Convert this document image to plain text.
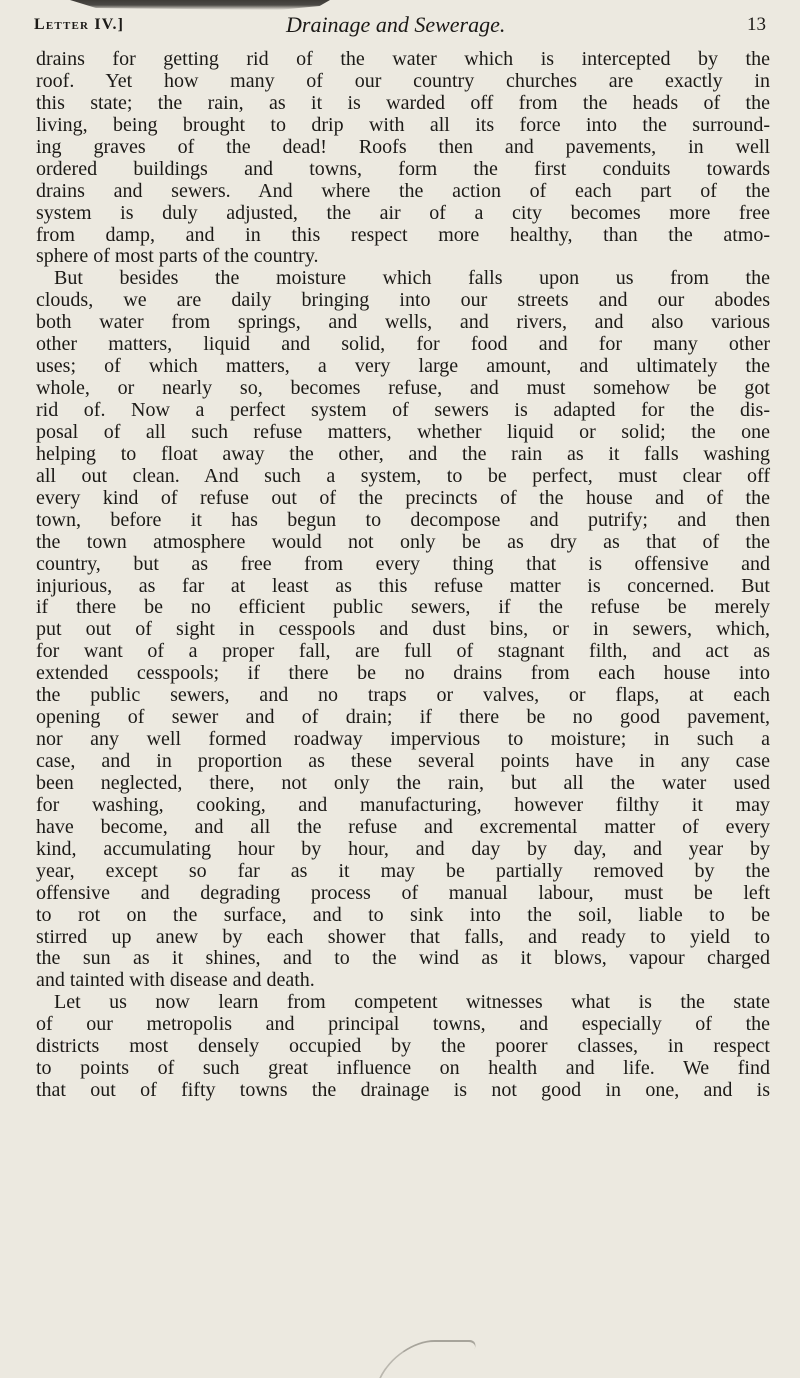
Letter IV.]	Drainage and Sewerage.	13
drains for getting rid of the water which is intercepted by the
roof. Yet how many of our country churches are exactly in
this state; the rain, as it is warded off from the heads of the
living, being brought to drip with all its force into the surround-
ing graves of the dead! Roofs then and pavements, in well
ordered buildings and towns, form the first conduits towards
drains and sewers. And where the action of each part of the
system is duly adjusted, the air of a city becomes more free
from damp, and in this respect more healthy, than the atmo-
sphere of most parts of the country.
But besides the moisture which falls upon us from the
clouds, we are daily bringing into our streets and our abodes
both water from springs, and wells, and rivers, and also various
other matters, liquid and solid, for food and for many other
uses; of which matters, a very large amount, and ultimately the
whole, or nearly so, becomes refuse, and must somehow be got
rid of. Now a perfect system of sewers is adapted for the dis-
posal of all such refuse matters, whether liquid or solid; the one
helping to float away the other, and the rain as it falls washing
all out clean. And such a system, to be perfect, must clear off
every kind of refuse out of the precincts of the house and of the
town, before it has begun to decompose and putrify; and then
the town atmosphere would not only be as dry as that of the
country, but as free from every thing that is offensive and
injurious, as far at least as this refuse matter is concerned. But
if there be no efficient public sewers, if the refuse be merely
put out of sight in cesspools and dust bins, or in sewers, which,
for want of a proper fall, are full of stagnant filth, and act as
extended cesspools; if there be no drains from each house into
the public sewers, and no traps or valves, or flaps, at each
opening of sewer and of drain; if there be no good pavement,
nor any well formed roadway impervious to moisture; in such a
case, and in proportion as these several points have in any case
been neglected, there, not only the rain, but all the water used
for washing, cooking, and manufacturing, however filthy it may
have become, and all the refuse and excremental matter of every
kind, accumulating hour by hour, and day by day, and year by
year, except so far as it may be partially removed by the
offensive and degrading process of manual labour, must be left
to rot on the surface, and to sink into the soil, liable to be
stirred up anew by each shower that falls, and ready to yield to
the sun as it shines, and to the wind as it blows, vapour charged
and tainted with disease and death.
Let us now learn from competent witnesses what is the state
of our metropolis and principal towns, and especially of the
districts most densely occupied by the poorer classes, in respect
to points of such great influence on health and life. We find
that out of fifty towns the drainage is not good in one, and is
